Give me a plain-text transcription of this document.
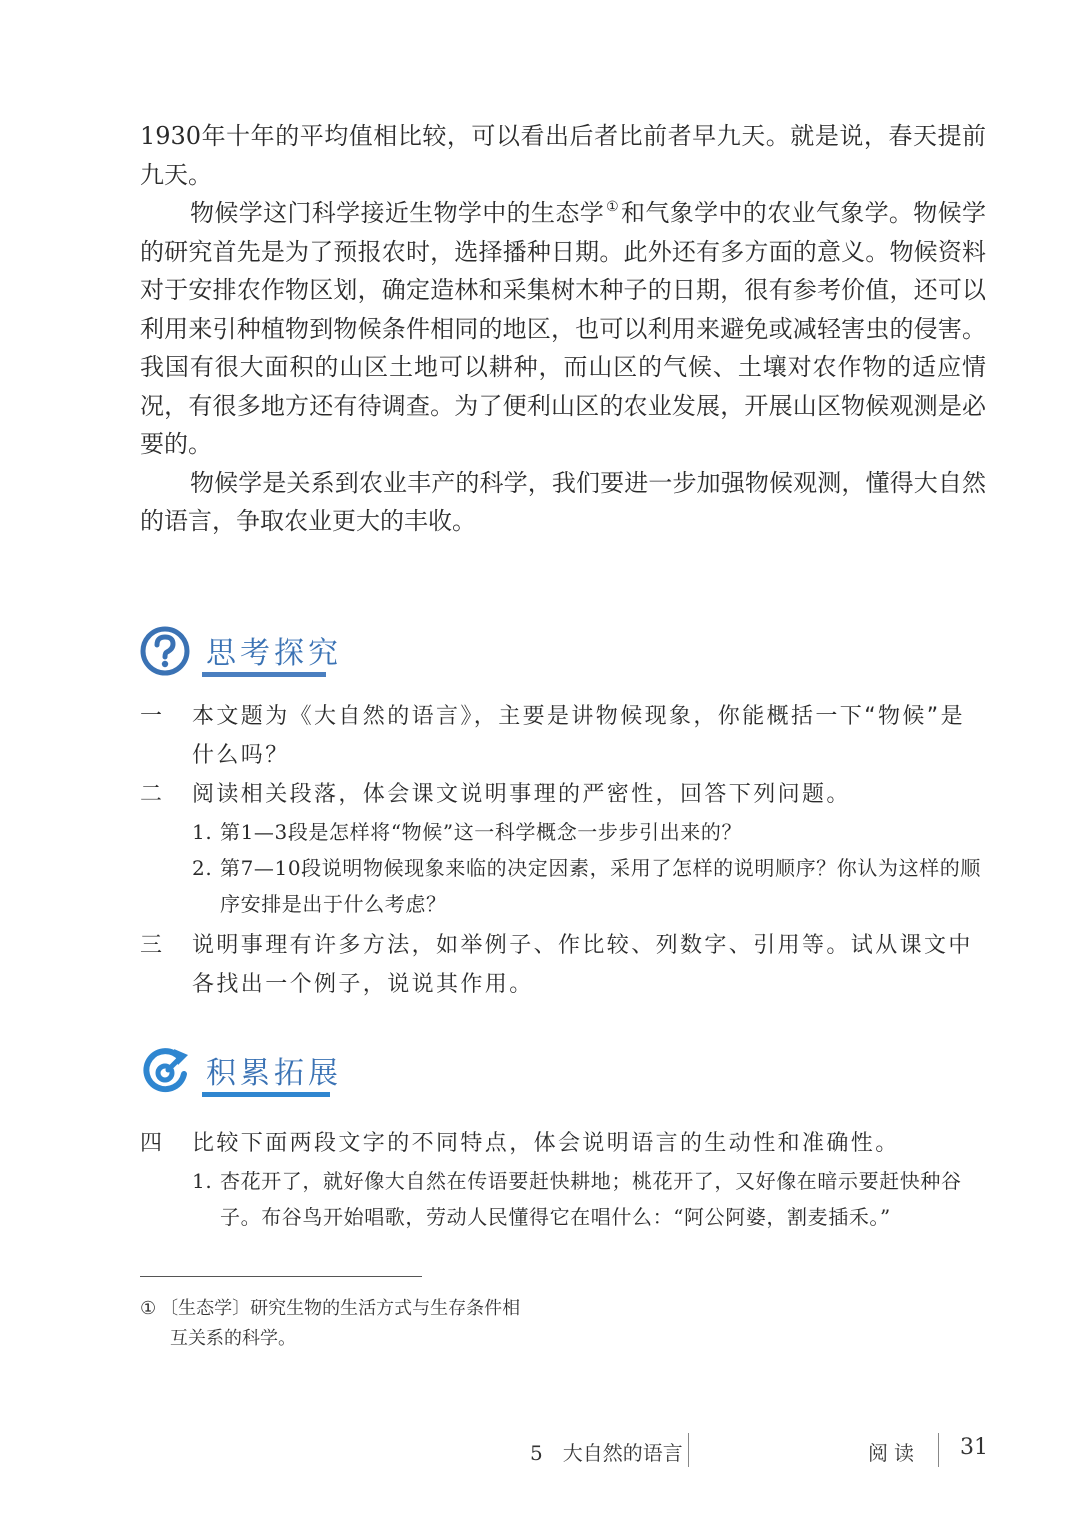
1930年十年的平均值相比较，可以看出后者比前者早九天。就是说，春天提前九天。

物候学这门科学接近生物学中的生态学 ①和气象学中的农业气象学。物候学的研究首先是为了预报农时，选择播种日期。此外还有多方面的意义。物候资料对于安排农作物区划，确定造林和采集树木种子的日期，很有参考价值，还可以利用来引种植物到物候条件相同的地区，也可以利用来避免或减轻害虫的侵害。我国有很大面积的山区土地可以耕种，而山区的气候、土壤对农作物的适应情况，有很多地方还有待调查。为了便利山区的农业发展，开展山区物候观测是必要的。

物候学是关系到农业丰产的科学，我们要进一步加强物候观测，懂得大自然的语言，争取农业更大的丰收。

思考探究
一 本文题为《大自然的语言》，主要是讲物候现象，你能概括一下“物候”是什么吗？
二 阅读相关段落，体会课文说明事理的严密性，回答下列问题。
1. 第1—3段是怎样将“物候”这一科学概念一步步引出来的？
2. 第7—10段说明物候现象来临的决定因素，采用了怎样的说明顺序？你认为这样的顺序安排是出于什么考虑？
三 说明事理有许多方法，如举例子、作比较、列数字、引用等。试从课文中各找出一个例子，说说其作用。
积累拓展
四 比较下面两段文字的不同特点，体会说明语言的生动性和准确性。
1. 杏花开了，就好像大自然在传语要赶快耕地；桃花开了，又好像在暗示要赶快种谷子。布谷鸟开始唱歌，劳动人民懂得它在唱什么：“阿公阿婆，割麦插禾。”
① 〔生态学〕研究生物的生活方式与生存条件相
互关系的科学。
5　大自然的语言	阅读 31
